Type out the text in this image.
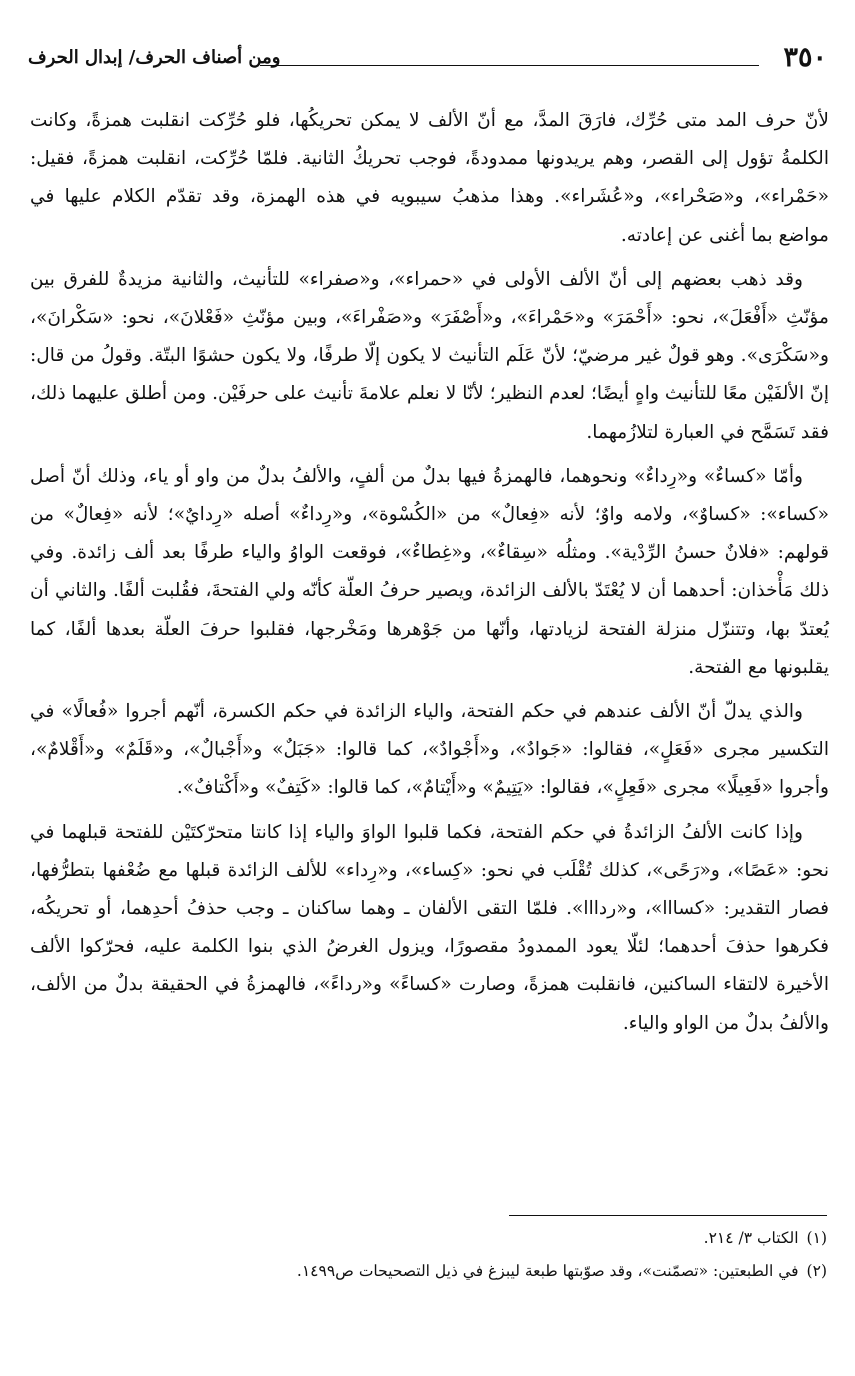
٣٥٠
ومن أصناف الحرف/ إبدال الحرف

لأنّ حرف المد متى حُرِّك، فارَقَ المدَّ، مع أنّ الألف لا يمكن تحريكُها، فلو حُرِّكت انقلبت همزةً، وكانت الكلمةُ تؤول إلى القصر، وهم يريدونها ممدودةً، فوجب تحريكُ الثانية. فلمّا حُرِّكت، انقلبت همزةً، فقيل: «حَمْراء»، و«صَحْراء»، و«عُشَراء». وهذا مذهبُ سيبويه في هذه الهمزة، وقد تقدّم الكلام عليها في مواضع بما أغنى عن إعادته.

وقد ذهب بعضهم إلى أنّ الألف الأولى في «حمراء»، و«صفراء» للتأنيث، والثانية مزيدةٌ للفرق بين مؤنّثِ «أَفْعَلَ»، نحو: «أَحْمَرَ» و«حَمْراءَ»، و«أَصْفَرَ» و«صَفْراءَ»، وبين مؤنّثِ «فَعْلانَ»، نحو: «سَكْرانَ»، و«سَكْرَى». وهو قولٌ غير مرضيّ؛ لأنّ عَلَم التأنيث لا يكون إلّا طرفًا، ولا يكون حشوًا البتّة. وقولُ من قال: إنّ الألفَيْن معًا للتأنيث واهٍ أيضًا؛ لعدم النظير؛ لأنّا لا نعلم علامةَ تأنيث على حرفَيْن. ومن أطلق عليهما ذلك، فقد تَسَمَّح في العبارة لتلازُمهما.

وأمّا «كساءٌ» و«رِداءٌ» ونحوهما، فالهمزةُ فيها بدلٌ من ألفٍ، والألفُ بدلٌ من واو أو ياء، وذلك أنّ أصل «كساء»: «كساوٌ»، ولامه واوٌ؛ لأنه «فِعالٌ» من «الكُسْوة»، و«رِداءٌ» أصله «رِدايٌ»؛ لأنه «فِعالٌ» من قولهم: «فلانٌ حسنُ الرِّدْية». ومثلُه «سِقاءٌ»، و«غِطاءٌ»، فوقعت الواوُ والياء طرفًا بعد ألف زائدة. وفي ذلك مَأْخذان: أحدهما أن لا يُعْتَدّ بالألف الزائدة، ويصير حرفُ العلّة كأنّه ولي الفتحةَ، فقُلبت ألفًا. والثاني أن يُعتدّ بها، وتتنزّل منزلة الفتحة لزيادتها، وأنّها من جَوْهرها ومَخْرجها، فقلبوا حرفَ العلّة بعدها ألفًا، كما يقلبونها مع الفتحة.

والذي يدلّ أنّ الألف عندهم في حكم الفتحة، والياء الزائدة في حكم الكسرة، أنّهم أجروا «فُعالًا» في التكسير مجرى «فَعَلٍ»، فقالوا: «جَوادٌ»، و«أَجْوادٌ»، كما قالوا: «جَبَلٌ» و«أَجْبالٌ»، و«قَلَمٌ» و«أَقْلامٌ»، وأجروا «فَعِيلًا» مجرى «فَعِلٍ»، فقالوا: «يَتِيمٌ» و«أَيْتامٌ»، كما قالوا: «كَتِفٌ» و«أَكْتافٌ».

وإذا كانت الألفُ الزائدةُ في حكم الفتحة، فكما قلبوا الواوَ والياء إذا كانتا متحرّكتَيْن للفتحة قبلهما في نحو: «عَصًا»، و«رَحًى»، كذلك تُقْلَب في نحو: «كِساء»، و«رِداء» للألف الزائدة قبلها مع ضُعْفها بتطرُّفها، فصار التقدير: «كسااا»، و«ردااا». فلمّا التقى الألفان ـ وهما ساكنان ـ وجب حذفُ أحدِهما، أو تحريكُه، فكرهوا حذفَ أحدهما؛ لئلّا يعود الممدودُ مقصورًا، ويزول الغرضُ الذي بنوا الكلمة عليه، فحرّكوا الألف الأخيرة لالتقاء الساكنين، فانقلبت همزةً، وصارت «كساءً» و«رداءً»، فالهمزةُ في الحقيقة بدلٌ من الألف، والألفُ بدلٌ من الواو والياء.

(١)الكتاب ٣/ ٢١٤.
(٢)في الطبعتين: «تصمّنت»، وقد صوّبتها طبعة ليبزغ في ذيل التصحيحات ص١٤٩٩.
